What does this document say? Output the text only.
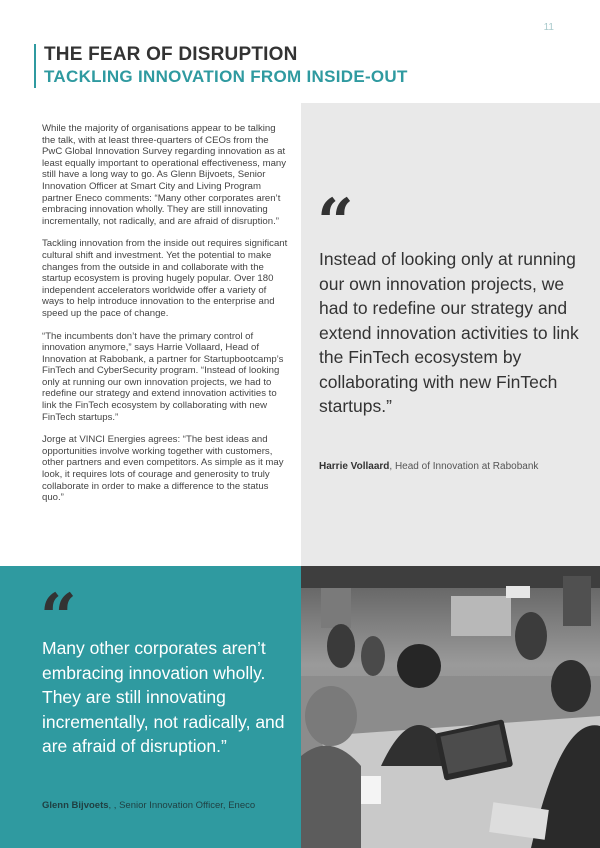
11
THE FEAR OF DISRUPTION
TACKLING INNOVATION FROM INSIDE-OUT

While the majority of organisations appear to be talking the talk, with at least three-quarters of CEOs from the PwC Global Innovation Survey regarding innovation as at least equally important to operational effectiveness, many still have a long way to go. As Glenn Bijvoets, Senior Innovation Officer at Smart City and Living Program partner Eneco comments: “Many other corporates aren’t embracing innovation wholly. They are still innovating incrementally, not radically, and are afraid of disruption.”

Tackling innovation from the inside out requires significant cultural shift and investment. Yet the potential to make changes from the outside in and collaborate with the startup ecosystem is proving hugely popular. Over 180 independent accelerators worldwide offer a variety of ways to help introduce innovation to the enterprise and speed up the pace of change.

“The incumbents don’t have the primary control of innovation anymore,” says Harrie Vollaard, Head of Innovation at Rabobank, a partner for Startupbootcamp’s FinTech and CyberSecurity program. “Instead of looking only at running our own innovation projects, we had to redefine our strategy and extend innovation activities to link the FinTech ecosystem by collaborating with new FinTech startups.”

Jorge at VINCI Energies agrees: “The best ideas and opportunities involve working together with customers, other partners and even competitors. As simple as it may look, it requires lots of courage and generosity to truly collaborate in order to make a difference to the status quo.”

“

Instead of looking only at running our own innovation projects, we had to redefine our strategy and extend innovation activities to link the FinTech ecosystem by collaborating with new FinTech startups.”

Harrie Vollaard, Head of Innovation at Rabobank

“

Many other corporates aren’t embracing innovation wholly. They are still innovating incrementally, not radically, and are afraid of disruption.”

Glenn Bijvoets, , Senior Innovation Officer, Eneco
